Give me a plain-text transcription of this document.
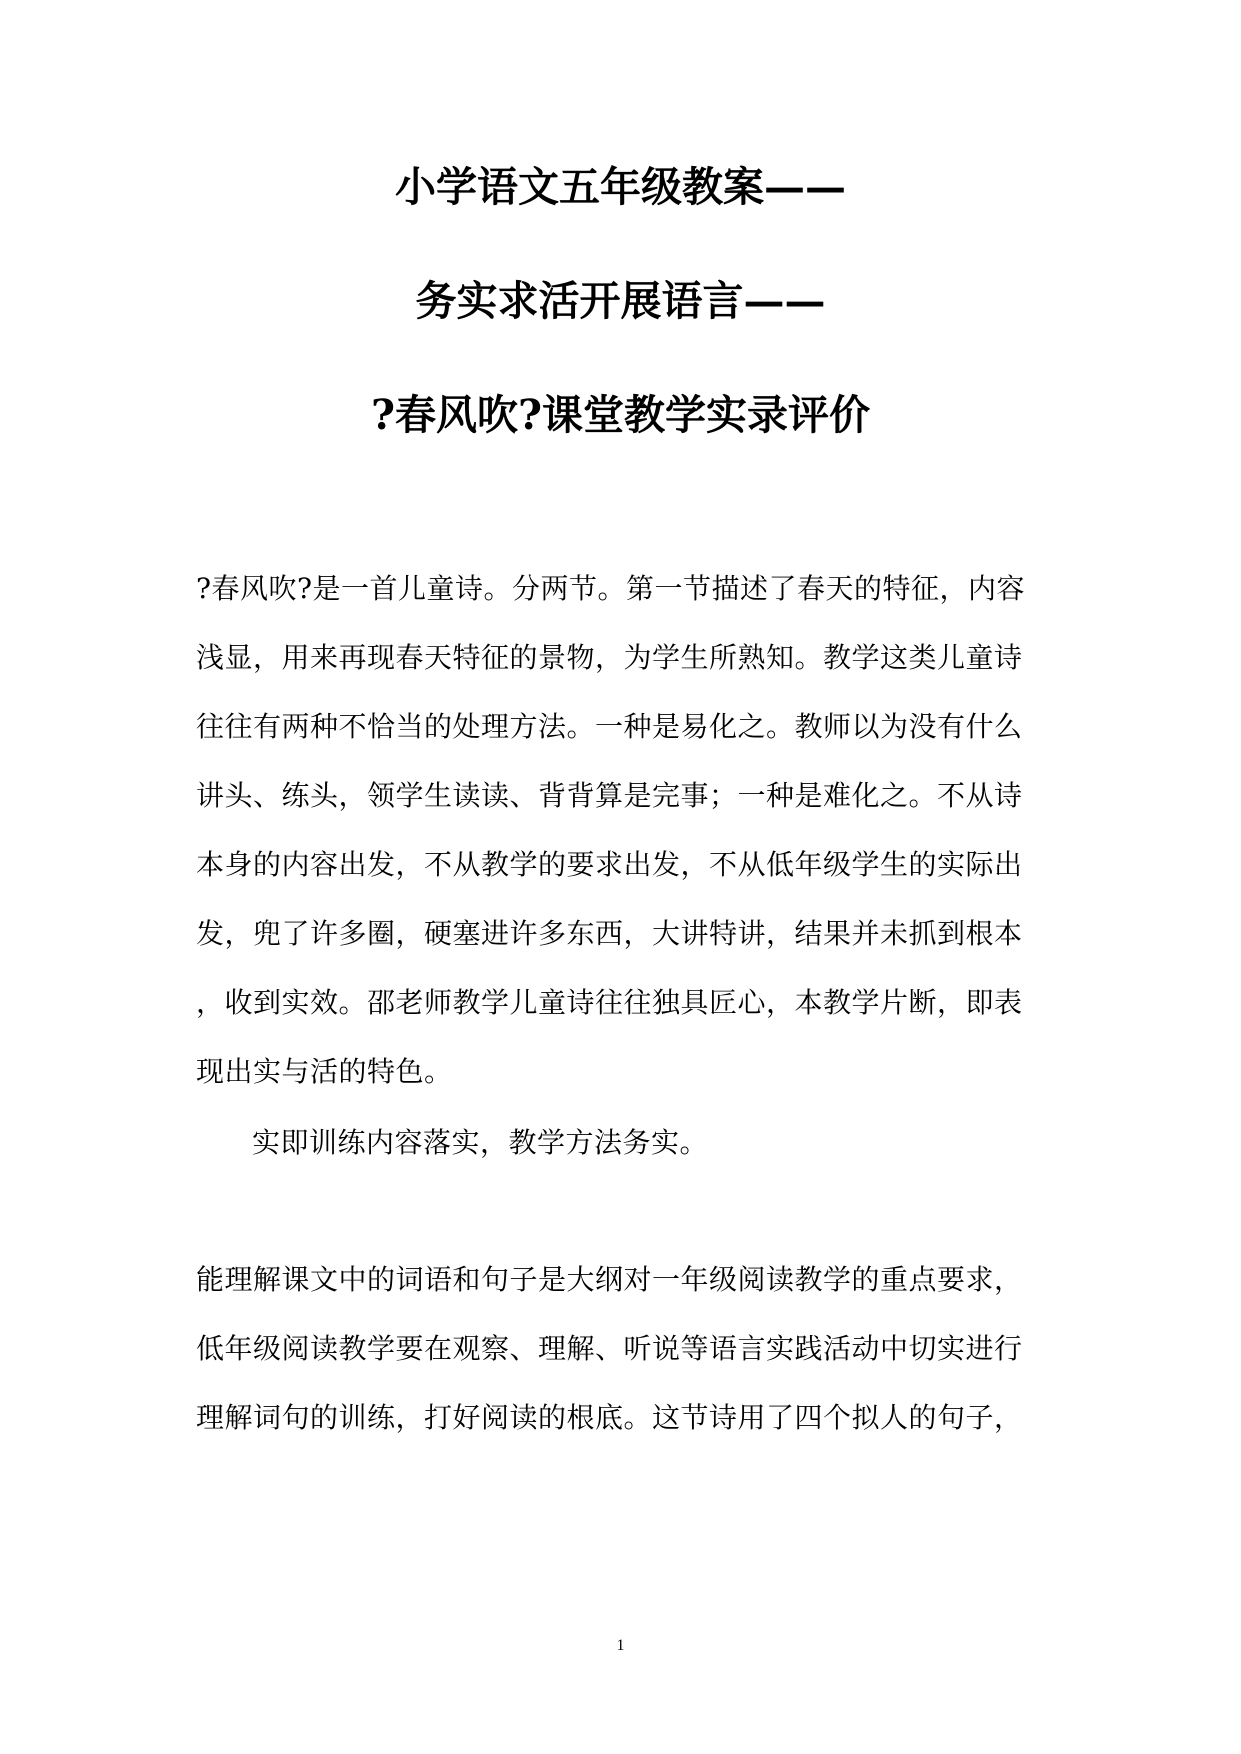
小学语文五年级教案——
务实求活开展语言——
?春风吹?课堂教学实录评价
?春风吹?是一首儿童诗。分两节。第一节描述了春天的特征，内容
浅显，用来再现春天特征的景物，为学生所熟知。教学这类儿童诗
往往有两种不恰当的处理方法。一种是易化之。教师以为没有什么
讲头、练头，领学生读读、背背算是完事；一种是难化之。不从诗
本身的内容出发，不从教学的要求出发，不从低年级学生的实际出
发，兜了许多圈，硬塞进许多东西，大讲特讲，结果并未抓到根本
，收到实效。邵老师教学儿童诗往往独具匠心，本教学片断，即表
现出实与活的特色。
实即训练内容落实，教学方法务实。
能理解课文中的词语和句子是大纲对一年级阅读教学的重点要求，
低年级阅读教学要在观察、理解、听说等语言实践活动中切实进行
理解词句的训练，打好阅读的根底。这节诗用了四个拟人的句子，
1
